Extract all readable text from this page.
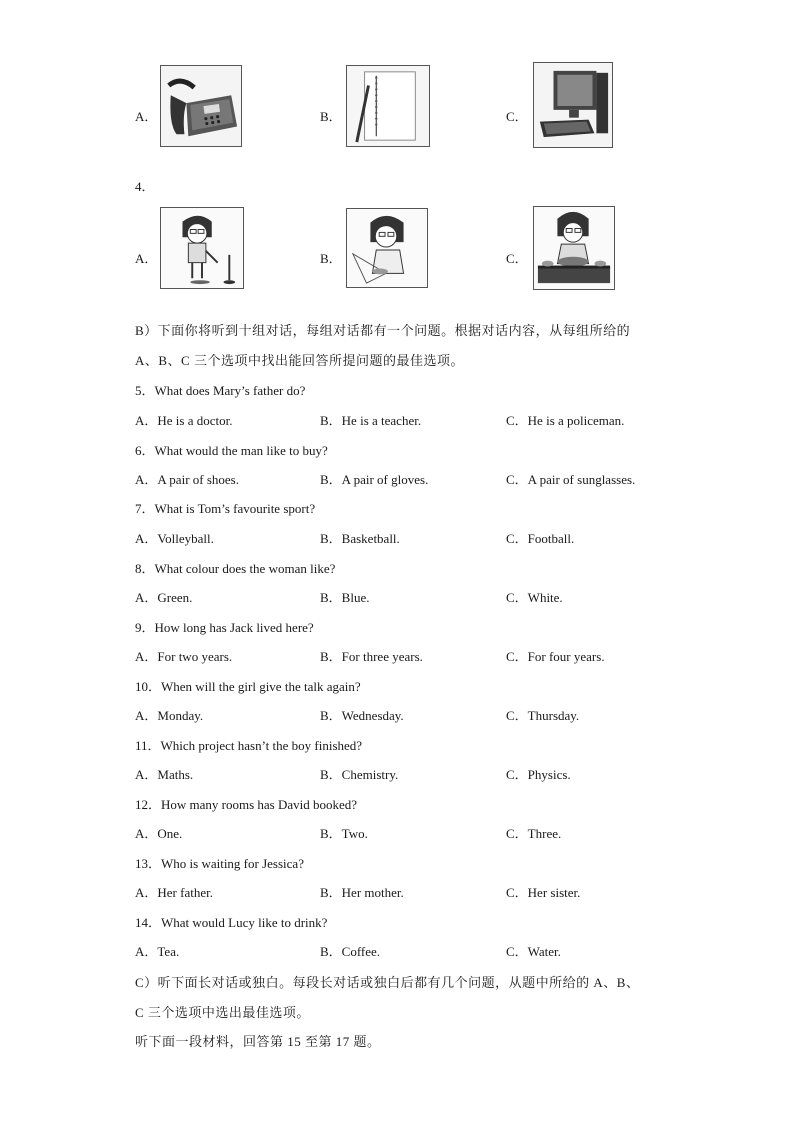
A．	B．	C．
4．
A．	B．	C．
B）下面你将听到十组对话，每组对话都有一个问题。根据对话内容，从每组所给的
A、B、C 三个选项中找出能回答所提问题的最佳选项。
5．What does Mary’s father do?
A．He is a doctor.	B．He is a teacher.	C．He is a policeman.
6．What would the man like to buy?
A．A pair of shoes.	B．A pair of gloves.	C．A pair of sunglasses.
7．What is Tom’s favourite sport?
A．Volleyball.	B．Basketball.	C．Football.
8．What colour does the woman like?
A．Green.	B．Blue.	C．White.
9．How long has Jack lived here?
A．For two years.	B．For three years.	C．For four years.
10．When will the girl give the talk again?
A．Monday.	B．Wednesday.	C．Thursday.
11．Which project hasn’t the boy finished?
A．Maths.	B．Chemistry.	C．Physics.
12．How many rooms has David booked?
A．One.	B．Two.	C．Three.
13．Who is waiting for Jessica?
A．Her father.	B．Her mother.	C．Her sister.
14．What would Lucy like to drink?
A．Tea.	B．Coffee.	C．Water.
C）听下面长对话或独白。每段长对话或独白后都有几个问题，从题中所给的 A、B、
C 三个选项中选出最佳选项。
听下面一段材料，回答第 15 至第 17 题。
